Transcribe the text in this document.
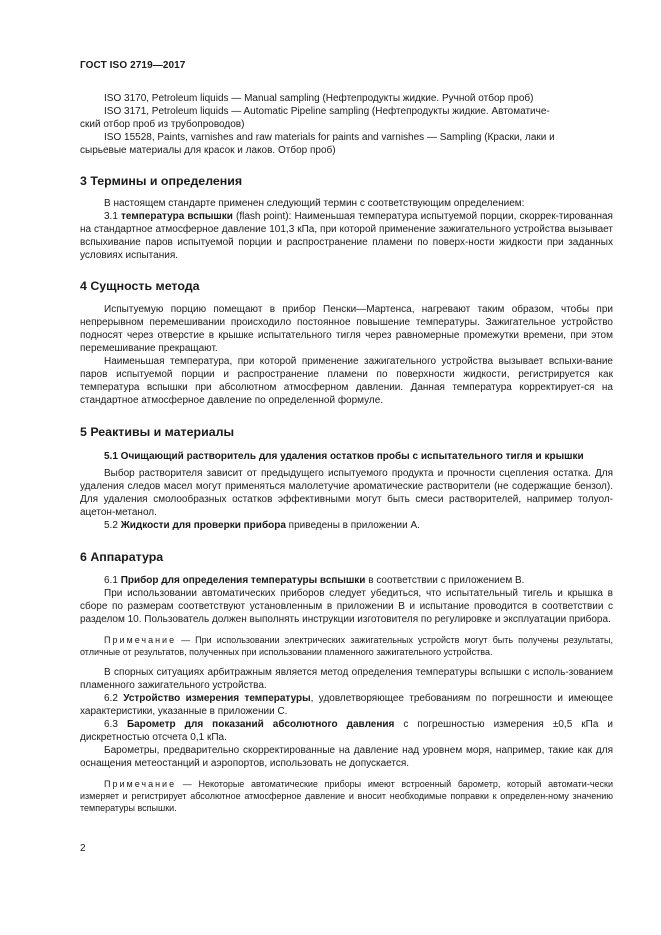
ГОСТ ISO 2719—2017

ISO 3170, Petroleum liquids — Manual sampling (Нефтепродукты жидкие. Ручной отбор проб)

ISO 3171, Petroleum liquids — Automatic Pipeline sampling (Нефтепродукты жидкие. Автоматиче-

ский отбор проб из трубопроводов)

ISO 15528, Paints, varnishes and raw materials for paints and varnishes — Sampling (Краски, лаки и

сырьевые материалы для красок и лаков. Отбор проб)

3 Термины и определения

В настоящем стандарте применен следующий термин с соответствующим определением:

3.1 температура вспышки (flash point): Наименьшая температура испытуемой порции, скоррек-тированная на стандартное атмосферное давление 101,3 кПа, при которой применение зажигательного устройства вызывает вспыхивание паров испытуемой порции и распространение пламени по поверх-ности жидкости при заданных условиях испытания.

4 Сущность метода

Испытуемую порцию помещают в прибор Пенски—Мартенса, нагревают таким образом, чтобы при непрерывном перемешивании происходило постоянное повышение температуры. Зажигательное устройство подносят через отверстие в крышке испытательного тигля через равномерные промежутки времени, при этом перемешивание прекращают.

Наименьшая температура, при которой применение зажигательного устройства вызывает вспыхи-вание паров испытуемой порции и распространение пламени по поверхности жидкости, регистрируется как температура вспышки при абсолютном атмосферном давлении. Данная температура корректирует-ся на стандартное атмосферное давление по определенной формуле.

5 Реактивы и материалы
5.1 Очищающий растворитель для удаления остатков пробы с испытательного тигля и крышки

Выбор растворителя зависит от предыдущего испытуемого продукта и прочности сцепления остатка. Для удаления следов масел могут применяться малолетучие ароматические растворители (не содержащие бензол). Для удаления смолообразных остатков эффективными могут быть смеси растворителей, например толуол-ацетон-метанол.

5.2 Жидкости для проверки прибора приведены в приложении А.

6 Аппаратура

6.1 Прибор для определения температуры вспышки в соответствии с приложением В.

При использовании автоматических приборов следует убедиться, что испытательный тигель и крышка в сборе по размерам соответствуют установленным в приложении В и испытание проводится в соответствии с разделом 10. Пользователь должен выполнять инструкции изготовителя по регулировке и эксплуатации прибора.

Примечание — При использовании электрических зажигательных устройств могут быть получены результаты, отличные от результатов, полученных при использовании пламенного зажигательного устройства.

В спорных ситуациях арбитражным является метод определения температуры вспышки с исполь-зованием пламенного зажигательного устройства.

6.2 Устройство измерения температуры, удовлетворяющее требованиям по погрешности и имеющее характеристики, указанные в приложении С.

6.3 Барометр для показаний абсолютного давления с погрешностью измерения ±0,5 кПа и дискретностью отсчета 0,1 кПа.

Барометры, предварительно скорректированные на давление над уровнем моря, например, такие как для оснащения метеостанций и аэропортов, использовать не допускается.

Примечание — Некоторые автоматические приборы имеют встроенный барометр, который автомати-чески измеряет и регистрирует абсолютное атмосферное давление и вносит необходимые поправки к определен-ному значению температуры вспышки.

2
